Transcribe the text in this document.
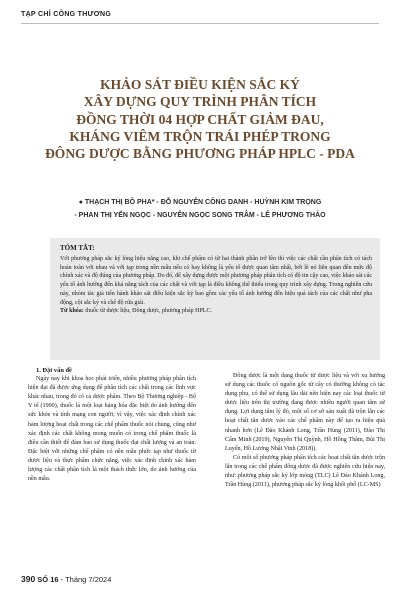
TẠP CHÍ CÔNG THƯƠNG
KHẢO SÁT ĐIỀU KIỆN SẮC KÝ
XÂY DỰNG QUY TRÌNH PHÂN TÍCH
ĐỒNG THỜI 04 HỢP CHẤT GIẢM ĐAU,
KHÁNG VIÊM TRỘN TRÁI PHÉP TRONG
ĐÔNG DƯỢC BẰNG PHƯƠNG PHÁP HPLC - PDA
● THẠCH THỊ BÔ PHA* - ĐỖ NGUYỄN CÔNG DANH - HUỲNH KIM TRỌNG
- PHAN THỊ YẾN NGỌC - NGUYỄN NGỌC SONG TRÂM - LÊ PHƯƠNG THẢO

TÓM TẮT:

Với phương pháp sắc ký lỏng hiệu năng cao, khi chế phẩm có từ hai thành phần trở lên thì việc các chất cần phân tích có tách hoàn toàn với nhau và với tạp trong nền mẫu nếu có hay không là yếu tố được quan tâm nhất, bởi lẽ nó liên quan đến mức độ chính xác và độ đúng của phương pháp. Do đó, để xây dựng được một phương pháp phân tích có độ tin cậy cao, việc khảo sát các yếu tố ảnh hưởng đến khả năng tách của các chất và với tạp là điều không thể thiếu trong quy trình xây dựng. Trong nghiên cứu này, nhóm tác giả tiến hành khảo sát điều kiện sắc ký bao gồm các yếu tố ảnh hưởng đến hiệu quả tách của các chất như pha động, cột sắc ký và chế độ rửa giải.

Từ khóa: thuốc từ dược liệu, Đông dược, phương pháp HPLC.

1. Đặt vấn đề

Ngày nay khi khoa học phát triển, nhiều phương pháp phân tích hiện đại đã được ứng dụng để phân tích các chất trong các lĩnh vực khác nhau, trong đó có cả dược phẩm. Theo Bộ Thương nghiệp - Bộ Y tế (1990), thuốc là một loại hàng hóa đặc biệt do ảnh hưởng đến sức khỏe và tính mạng con người; vì vậy, việc xác định chính xác hàm lượng hoạt chất trong các chế phẩm thuốc nói chung, cũng như xác định các chất không mong muốn có trong chế phẩm thuốc là điều cần thiết để đảm bảo sử dụng thuốc đạt chất lượng và an toàn. Đặc biệt với những chế phẩm có nền mẫu phức tạp như thuốc từ dược liệu và thực phẩm chức năng, việc xác định chính xác hàm lượng các chất phân tích là một thách thức lớn, do ảnh hưởng của nền mẫu.

Đông dược là một dạng thuốc từ dược liệu và với xu hướng sử dụng các thuốc có nguồn gốc từ cây cỏ thường không có tác dụng phụ, có thể sử dụng lâu dài nên hiện nay các loại thuốc từ dược liệu trên thị trường đang được nhiều người quan tâm sử dụng. Lợi dụng tâm lý đó, một số cơ sở sản xuất đã trộn lẫn các hoạt chất tân dược vào các chế phẩm này để tạo ra hiệu quả nhanh hơn (Lê Đào Khánh Long, Trần Hùng (2011), Đào Thị Cẩm Minh (2019), Nguyễn Thị Quỳnh, Hồ Hồng Thắm, Bùi Thị Luyến, Hồ Lương Nhật Vinh (2018)).

Có một số phương pháp phân tích các hoạt chất tân dược trộn lẫn trong các chế phẩm đông dược đã được nghiên cứu hiện nay, như: phương pháp sắc ký lớp mỏng (TLC) Lê Đào Khánh Long, Trần Hùng (2011), phương pháp sắc ký lỏng khối phổ (LC-MS)

390 SỐ 16 - Tháng 7/2024
